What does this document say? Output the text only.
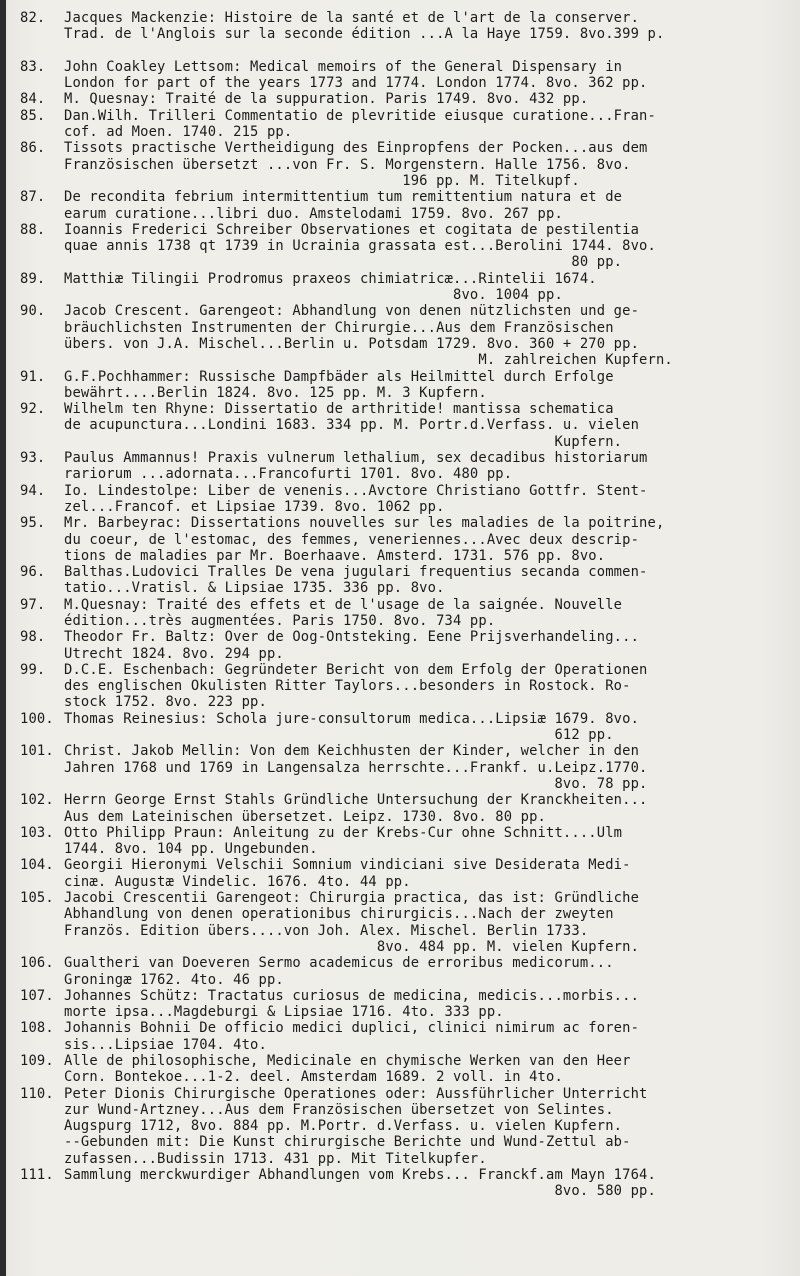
82.	Jacques Mackenzie: Histoire de la santé et de l'art de la conserver.
Trad. de l'Anglois sur la seconde édition ...A la Haye 1759. 8vo.399 p.

83.	John Coakley Lettsom: Medical memoirs of the General Dispensary in
London for part of the years 1773 and 1774. London 1774. 8vo. 362 pp.
84.	M. Quesnay: Traité de la suppuration. Paris 1749. 8vo. 432 pp.
85.	Dan.Wilh. Trilleri Commentatio de plevritide eiusque curatione...Fran-
cof. ad Moen. 1740. 215 pp.
86.	Tissots practische Vertheidigung des Einpropfens der Pocken...aus dem
Französischen übersetzt ...von Fr. S. Morgenstern. Halle 1756. 8vo.
196 pp. M. Titelkupf.
87.	De recondita febrium intermittentium tum remittentium natura et de
earum curatione...libri duo. Amstelodami 1759. 8vo. 267 pp.
88.	Ioannis Frederici Schreiber Observationes et cogitata de pestilentia
quae annis 1738 qt 1739 in Ucrainia grassata est...Berolini 1744. 8vo.
80 pp.
89.	Matthiæ Tilingii Prodromus praxeos chimiatricæ...Rintelii 1674.
8vo. 1004 pp.
90.	Jacob Crescent. Garengeot: Abhandlung von denen nützlichsten und ge-
bräuchlichsten Instrumenten der Chirurgie...Aus dem Französischen
übers. von J.A. Mischel...Berlin u. Potsdam 1729. 8vo. 360 + 270 pp.
M. zahlreichen Kupfern.
91.	G.F.Pochhammer: Russische Dampfbäder als Heilmittel durch Erfolge
bewährt....Berlin 1824. 8vo. 125 pp. M. 3 Kupfern.
92.	Wilhelm ten Rhyne: Dissertatio de arthritide! mantissa schematica
de acupunctura...Londini 1683. 334 pp. M. Portr.d.Verfass. u. vielen
Kupfern.
93.	Paulus Ammannus! Praxis vulnerum lethalium, sex decadibus historiarum
rariorum ...adornata...Francofurti 1701. 8vo. 480 pp.
94.	Io. Lindestolpe: Liber de venenis...Avctore Christiano Gottfr. Stent-
zel...Francof. et Lipsiae 1739. 8vo. 1062 pp.
95.	Mr. Barbeyrac: Dissertations nouvelles sur les maladies de la poitrine,
du coeur, de l'estomac, des femmes, veneriennes...Avec deux descrip-
tions de maladies par Mr. Boerhaave. Amsterd. 1731. 576 pp. 8vo.
96.	Balthas.Ludovici Tralles De vena jugulari frequentius secanda commen-
tatio...Vratisl. & Lipsiae 1735. 336 pp. 8vo.
97.	M.Quesnay: Traité des effets et de l'usage de la saignée. Nouvelle
édition...très augmentées. Paris 1750. 8vo. 734 pp.
98.	Theodor Fr. Baltz: Over de Oog-Ontsteking. Eene Prijsverhandeling...
Utrecht 1824. 8vo. 294 pp.
99.	D.C.E. Eschenbach: Gegründeter Bericht von dem Erfolg der Operationen
des englischen Okulisten Ritter Taylors...besonders in Rostock. Ro-
stock 1752. 8vo. 223 pp.
100. Thomas Reinesius: Schola jure-consultorum medica...Lipsiæ 1679. 8vo.
612 pp.
101. Christ. Jakob Mellin: Von dem Keichhusten der Kinder, welcher in den
Jahren 1768 und 1769 in Langensalza herrschte...Frankf. u.Leipz.1770.
8vo. 78 pp.
102. Herrn George Ernst Stahls Gründliche Untersuchung der Kranckheiten...
Aus dem Lateinischen übersetzet. Leipz. 1730. 8vo. 80 pp.
103. Otto Philipp Praun: Anleitung zu der Krebs-Cur ohne Schnitt....Ulm
1744. 8vo. 104 pp. Ungebunden.
104. Georgii Hieronymi Velschii Somnium vindiciani sive Desiderata Medi-
cinæ. Augustæ Vindelic. 1676. 4to. 44 pp.
105. Jacobi Crescentii Garengeot: Chirurgia practica, das ist: Gründliche
Abhandlung von denen operationibus chirurgicis...Nach der zweyten
Französ. Edition übers....von Joh. Alex. Mischel. Berlin 1733.
8vo. 484 pp. M. vielen Kupfern.
106. Gualtheri van Doeveren Sermo academicus de erroribus medicorum...
Groningæ 1762. 4to. 46 pp.
107. Johannes Schütz: Tractatus curiosus de medicina, medicis...morbis...
morte ipsa...Magdeburgi & Lipsiae 1716. 4to. 333 pp.
108. Johannis Bohnii De officio medici duplici, clinici nimirum ac foren-
sis...Lipsiae 1704. 4to.
109. Alle de philosophische, Medicinale en chymische Werken van den Heer
Corn. Bontekoe...1-2. deel. Amsterdam 1689. 2 voll. in 4to.
110. Peter Dionis Chirurgische Operationes oder: Aussführlicher Unterricht
zur Wund-Artzney...Aus dem Französischen übersetzet von Selintes.
Augspurg 1712, 8vo. 884 pp. M.Portr. d.Verfass. u. vielen Kupfern.
--Gebunden mit: Die Kunst chirurgische Berichte und Wund-Zettul ab-
zufassen...Budissin 1713. 431 pp. Mit Titelkupfer.
111. Sammlung merckwurdiger Abhandlungen vom Krebs... Franckf.am Mayn 1764.
8vo. 580 pp.
